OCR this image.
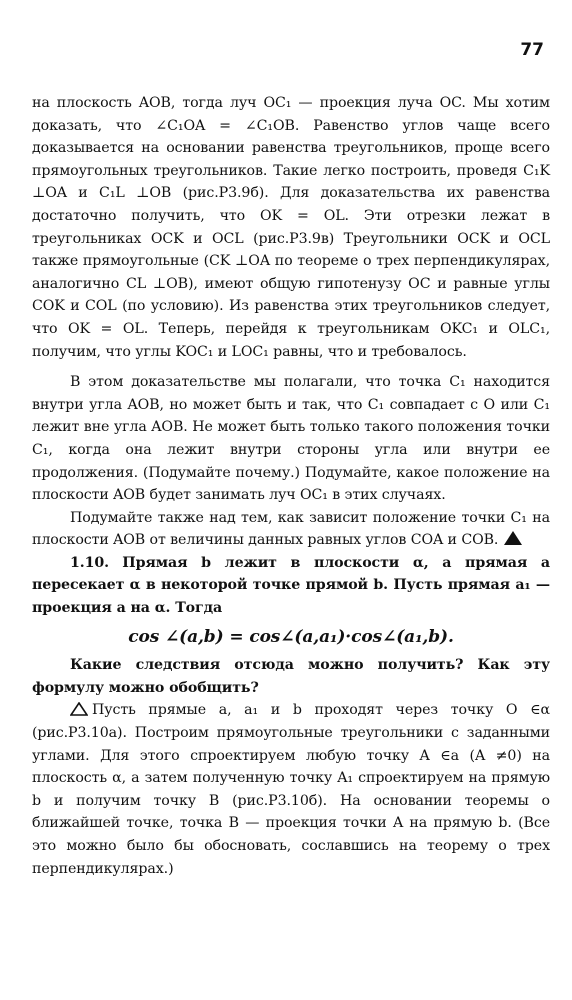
77

на плоскость AOB, тогда луч OC₁ — проекция луча OC. Мы хотим доказать, что ∠C₁OA = ∠C₁OB. Равенство углов чаще всего доказывается на основании равенства треугольников, проще всего прямоугольных треугольников. Такие легко построить, проведя C₁K ⊥OA и C₁L ⊥OB (рис.Р3.9б). Для доказательства их равенства достаточно получить, что OK = OL. Эти отрезки лежат в треугольниках OCK и OCL (рис.Р3.9в) Треугольники OCK и OCL также прямоугольные (CK ⊥OA по теореме о трех перпендикулярах, аналогично CL ⊥OB), имеют общую гипотенузу OC и равные углы COK и COL (по условию). Из равенства этих треугольников следует, что OK = OL. Теперь, перейдя к треугольникам OKC₁ и OLC₁, получим, что углы KOC₁ и LOC₁ равны, что и требовалось.

В этом доказательстве мы полагали, что точка C₁ находится внутри угла AOB, но может быть и так, что C₁ совпадает с O или C₁ лежит вне угла AOB. Не может быть только такого положения точки C₁, когда она лежит внутри стороны угла или внутри ее продолжения. (Подумайте почему.) Подумайте, какое положение на плоскости AOB будет занимать луч OC₁ в этих случаях.

Подумайте также над тем, как зависит положение точки C₁ на плоскости AOB от величины данных равных углов COA и COB.

1.10. Прямая b лежит в плоскости α, а прямая a пересекает α в некоторой точке прямой b. Пусть прямая a₁ — проекция a на α. Тогда

cos ∠(a,b) = cos∠(a,a₁)·cos∠(a₁,b).

Какие следствия отсюда можно получить? Как эту формулу можно обобщить?

Пусть прямые a, a₁ и b проходят через точку O ∈α (рис.Р3.10а). Построим прямоугольные треугольники с заданными углами. Для этого спроектируем любую точку A ∈a (A ≠0) на плоскость α, а затем полученную точку A₁ спроектируем на прямую b и получим точку B (рис.Р3.10б). На основании теоремы о ближайшей точке, точка B — проекция точки A на прямую b. (Все это можно было бы обосновать, сославшись на теорему о трех перпендикулярах.)
